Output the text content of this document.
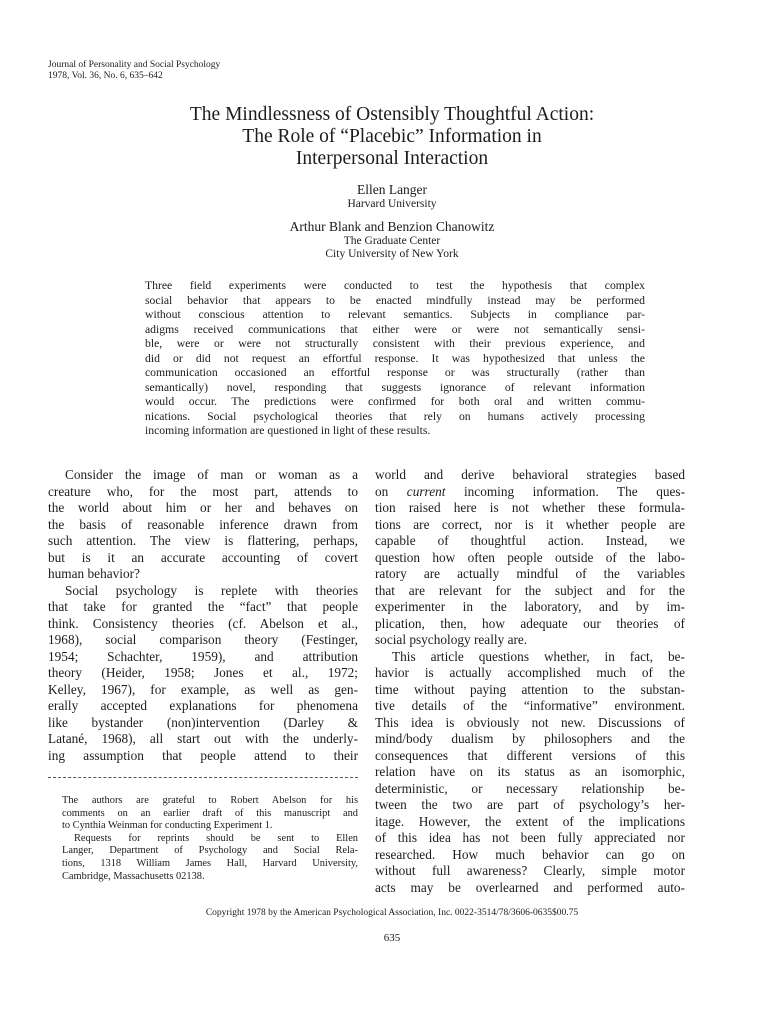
Journal of Personality and Social Psychology
1978, Vol. 36, No. 6, 635–642
The Mindlessness of Ostensibly Thoughtful Action:
The Role of “Placebic” Information in
Interpersonal Interaction
Ellen Langer
Harvard University
Arthur Blank and Benzion Chanowitz
The Graduate Center
City University of New York
Three field experiments were conducted to test the hypothesis that complex
social behavior that appears to be enacted mindfully instead may be performed
without conscious attention to relevant semantics. Subjects in compliance par-
adigms received communications that either were or were not semantically sensi-
ble, were or were not structurally consistent with their previous experience, and
did or did not request an effortful response. It was hypothesized that unless the
communication occasioned an effortful response or was structurally (rather than
semantically) novel, responding that suggests ignorance of relevant information
would occur. The predictions were confirmed for both oral and written commu-
nications. Social psychological theories that rely on humans actively processing
incoming information are questioned in light of these results.
Consider the image of man or woman as a
creature who, for the most part, attends to
the world about him or her and behaves on
the basis of reasonable inference drawn from
such attention. The view is flattering, perhaps,
but is it an accurate accounting of covert
human behavior?
Social psychology is replete with theories
that take for granted the “fact” that people
think. Consistency theories (cf. Abelson et al.,
1968), social comparison theory (Festinger,
1954; Schachter, 1959), and attribution
theory (Heider, 1958; Jones et al., 1972;
Kelley, 1967), for example, as well as gen-
erally accepted explanations for phenomena
like bystander (non)intervention (Darley &
Latané, 1968), all start out with the underly-
ing assumption that people attend to their
The authors are grateful to Robert Abelson for his
comments on an earlier draft of this manuscript and
to Cynthia Weinman for conducting Experiment 1.
Requests for reprints should be sent to Ellen
Langer, Department of Psychology and Social Rela-
tions, 1318 William James Hall, Harvard University,
Cambridge, Massachusetts 02138.
world and derive behavioral strategies based
on current incoming information. The ques-
tion raised here is not whether these formula-
tions are correct, nor is it whether people are
capable of thoughtful action. Instead, we
question how often people outside of the labo-
ratory are actually mindful of the variables
that are relevant for the subject and for the
experimenter in the laboratory, and by im-
plication, then, how adequate our theories of
social psychology really are.
This article questions whether, in fact, be-
havior is actually accomplished much of the
time without paying attention to the substan-
tive details of the “informative” environment.
This idea is obviously not new. Discussions of
mind/body dualism by philosophers and the
consequences that different versions of this
relation have on its status as an isomorphic,
deterministic, or necessary relationship be-
tween the two are part of psychology’s her-
itage. However, the extent of the implications
of this idea has not been fully appreciated nor
researched. How much behavior can go on
without full awareness? Clearly, simple motor
acts may be overlearned and performed auto-
Copyright 1978 by the American Psychological Association, Inc. 0022-3514/78/3606-0635$00.75
635
